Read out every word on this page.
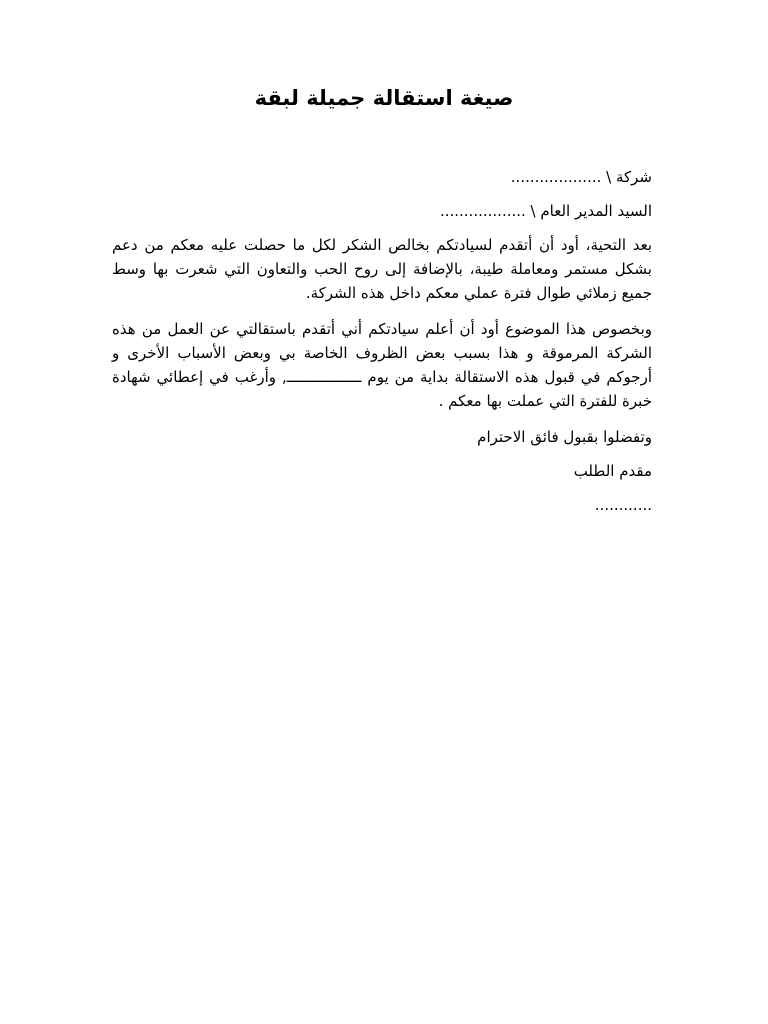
صيغة استقالة جميلة لبقة

شركة \ ...................

السيد المدير العام \ ..................

بعد التحية، أود أن أتقدم لسيادتكم بخالص الشكر لكل ما حصلت عليه معكم من دعم بشكل مستمر ومعاملة طيبة، بالإضافة إلى روح الحب والتعاون التي شعرت بها وسط جميع زملائي طوال فترة عملي معكم داخل هذه الشركة.

وبخصوص هذا الموضوع أود أن أعلم سيادتكم أني أتقدم باستقالتي عن العمل من هذه الشركة المرموقة و هذا بسبب بعض الظروف الخاصة بي وبعض الأسباب الأخرى و أرجوكم في قبول هذه الاستقالة بداية من يوم ـــــــــــــــــ, وأرغب في إعطائي شهادة خبرة للفترة التي عملت بها معكم .

وتفضلوا بقبول فائق الاحترام

مقدم الطلب

............
